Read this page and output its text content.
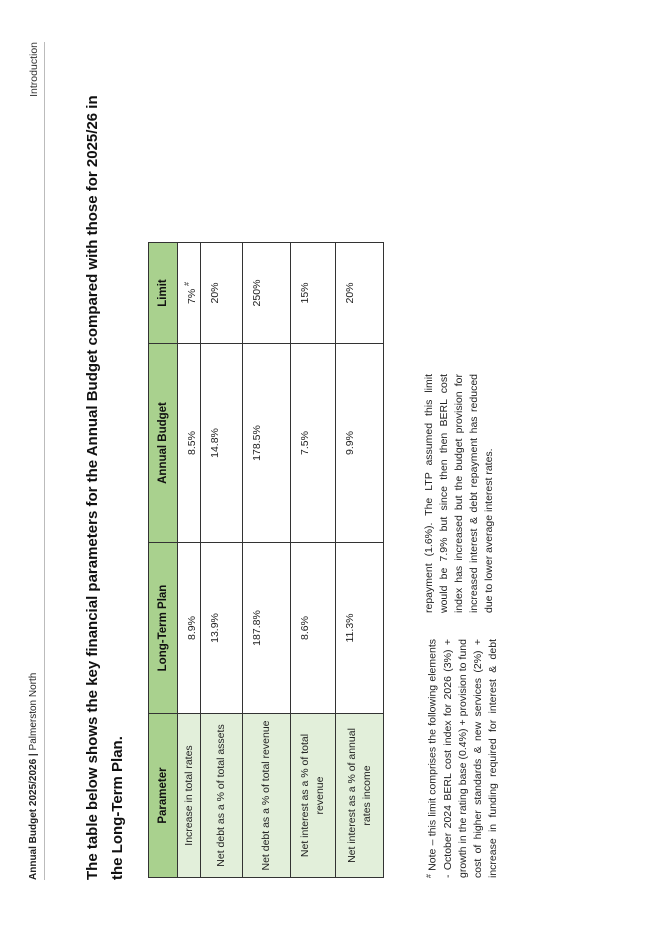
Annual Budget 2025/2026 | Palmerston North
Introduction
The table below shows the key financial parameters for the Annual Budget compared with those for 2025/26 in the Long-Term Plan.	Parameter	Long-Term Plan	Annual Budget	Limit
Increase in total rates	8.9%	8.5%	7% #
Net debt as a % of total assets	13.9%	14.8%	20%
Net debt as a % of total revenue	187.8%	178.5%	250%
Net interest as a % of total revenue	8.6%	7.5%	15%
Net interest as a % of annual rates income	11.3%	9.9%	20%
# Note – this limit comprises the following elements - October 2024 BERL cost index for 2026 (3%) + growth in the rating base (0.4%) + provision to fund cost of higher standards & new services (2%) + increase in funding required for interest & debt repayment (1.6%). The LTP assumed this limit would be 7.9% but since then then BERL cost index has increased but the budget provision for increased interest & debt repayment has reduced due to lower average interest rates.
